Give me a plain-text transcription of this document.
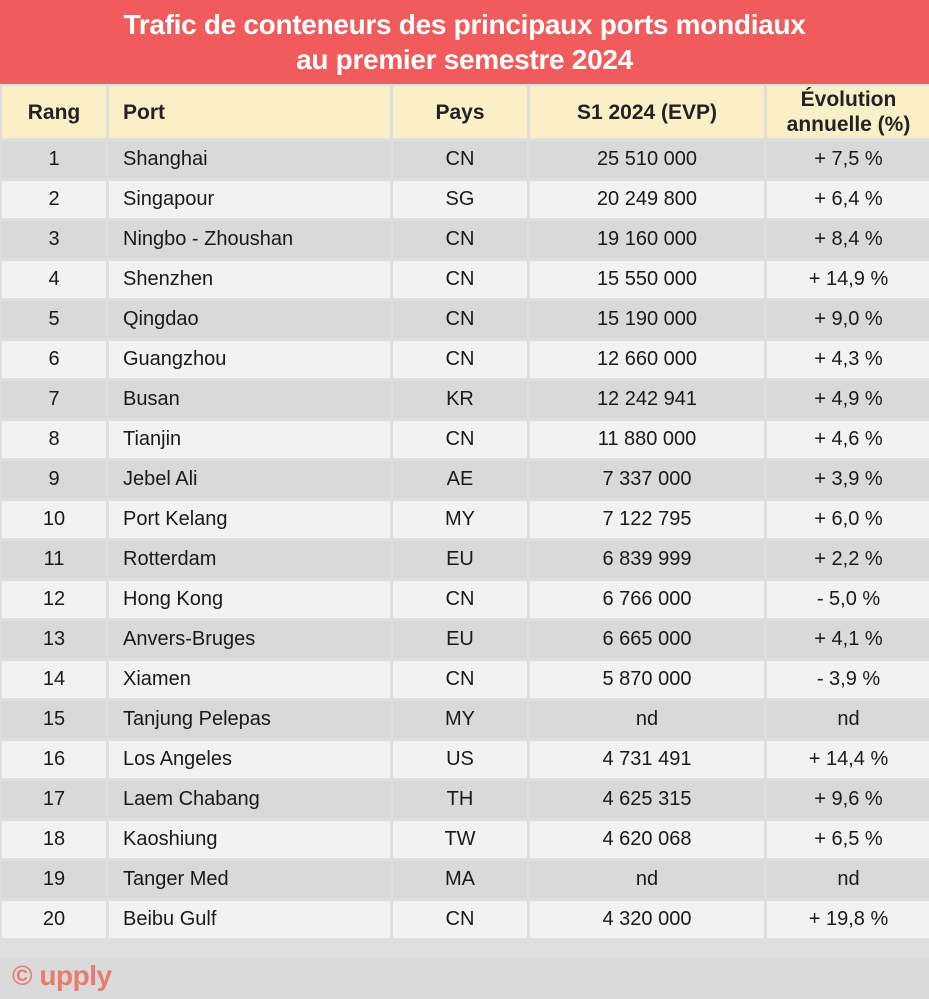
Trafic de conteneurs des principaux ports mondiaux
au premier semestre 2024
Rang	Port	Pays	S1 2024 (EVP)	Évolution
annuelle (%)

1	Shanghai	CN	25 510 000	+ 7,5 %
2	Singapour	SG	20 249 800	+ 6,4 %
3	Ningbo - Zhoushan	CN	19 160 000	+ 8,4 %
4	Shenzhen	CN	15 550 000	+ 14,9 %
5	Qingdao	CN	15 190 000	+ 9,0 %
6	Guangzhou	CN	12 660 000	+ 4,3 %
7	Busan	KR	12 242 941	+ 4,9 %
8	Tianjin	CN	11 880 000	+ 4,6 %
9	Jebel Ali	AE	7 337 000	+ 3,9 %
10	Port Kelang	MY	7 122 795	+ 6,0 %
11	Rotterdam	EU	6 839 999	+ 2,2 %
12	Hong Kong	CN	6 766 000	- 5,0 %
13	Anvers-Bruges	EU	6 665 000	+ 4,1 %
14	Xiamen	CN	5 870 000	- 3,9 %
15	Tanjung Pelepas	MY	nd	nd
16	Los Angeles	US	4 731 491	+ 14,4 %
17	Laem Chabang	TH	4 625 315	+ 9,6 %
18	Kaoshiung	TW	4 620 068	+ 6,5 %
19	Tanger Med	MA	nd	nd
20	Beibu Gulf	CN	4 320 000	+ 19,8 %
© upply
